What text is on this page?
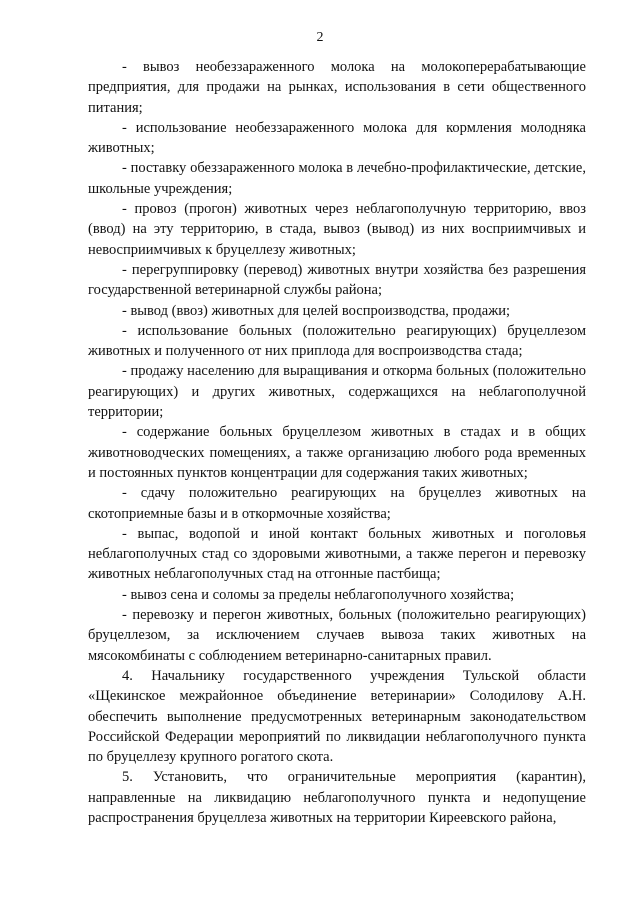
2

- вывоз необеззараженного молока на молокоперерабатывающие предприятия, для продажи на рынках, использования в сети общественного питания;

- использование необеззараженного молока для кормления молодняка животных;

- поставку обеззараженного молока в лечебно-профилактические, детские, школьные учреждения;

- провоз (прогон) животных через неблагополучную территорию, ввоз (ввод) на эту территорию, в стада, вывоз (вывод) из них восприимчивых и невосприимчивых к бруцеллезу животных;

- перегруппировку (перевод) животных внутри хозяйства без разрешения государственной ветеринарной службы района;

- вывод (ввоз) животных для целей воспроизводства, продажи;

- использование больных (положительно реагирующих) бруцеллезом животных и полученного от них приплода для воспроизводства стада;

- продажу населению для выращивания и откорма больных (положительно реагирующих) и других животных, содержащихся на неблагополучной территории;

- содержание больных бруцеллезом животных в стадах и в общих животноводческих помещениях, а также организацию любого рода временных и постоянных пунктов концентрации для содержания таких животных;

- сдачу положительно реагирующих на бруцеллез животных на скотоприемные базы и в откормочные хозяйства;

- выпас, водопой и иной контакт больных животных и поголовья неблагополучных стад со здоровыми животными, а также перегон и перевозку животных неблагополучных стад на отгонные пастбища;

- вывоз сена и соломы за пределы неблагополучного хозяйства;

- перевозку и перегон животных, больных (положительно реагирующих) бруцеллезом, за исключением случаев вывоза таких животных на мясокомбинаты с соблюдением ветеринарно-санитарных правил.

4. Начальнику государственного учреждения Тульской области «Щекинское межрайонное объединение ветеринарии» Солодилову А.Н. обеспечить выполнение предусмотренных ветеринарным законодательством Российской Федерации мероприятий по ликвидации неблагополучного пункта по бруцеллезу крупного рогатого скота.

5. Установить, что ограничительные мероприятия (карантин), направленные на ликвидацию неблагополучного пункта и недопущение распространения бруцеллеза животных на территории Киреевского района,
